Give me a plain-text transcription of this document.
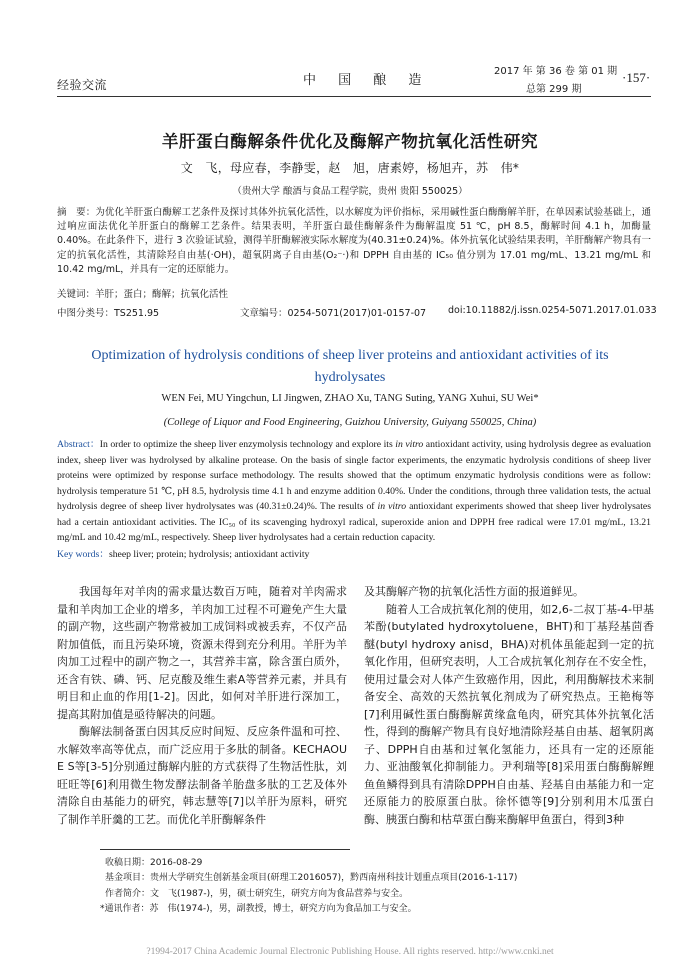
经验交流	中 国 酿 造
2017 年 第 36 卷 第 01 期
总第 299 期
·157·
羊肝蛋白酶解条件优化及酶解产物抗氧化活性研究
文　飞，母应春，李静雯，赵　旭，唐素婷，杨旭卉，苏　伟*
（贵州大学 酿酒与食品工程学院，贵州 贵阳 550025）
摘　要：为优化羊肝蛋白酶解工艺条件及探讨其体外抗氧化活性，以水解度为评价指标，采用碱性蛋白酶酶解羊肝，在单因素试验基础上，通过响应面法优化羊肝蛋白的酶解工艺条件。结果表明，羊肝蛋白最佳酶解条件为酶解温度 51 ℃，pH 8.5，酶解时间 4.1 h，加酶量 0.40%。在此条件下，进行 3 次验证试验，测得羊肝酶解液实际水解度为(40.31±0.24)%。体外抗氧化试验结果表明，羊肝酶解产物具有一定的抗氧化活性，其清除羟自由基(·OH)，超氧阴离子自由基(O₂⁻·)和 DPPH 自由基的 IC₅₀ 值分别为 17.01 mg/mL、13.21 mg/mL 和 10.42 mg/mL，并具有一定的还原能力。
关键词：羊肝；蛋白；酶解；抗氧化活性
中图分类号：TS251.95	文章编号：0254-5071(2017)01-0157-07 doi:10.11882/j.issn.0254-5071.2017.01.033
Optimization of hydrolysis conditions of sheep liver proteins and antioxidant activities of its hydrolysates
WEN Fei, MU Yingchun, LI Jingwen, ZHAO Xu, TANG Suting, YANG Xuhui, SU Wei*
(College of Liquor and Food Engineering, Guizhou University, Guiyang 550025, China)
Abstract：In order to optimize the sheep liver enzymolysis technology and explore its in vitro antioxidant activity, using hydrolysis degree as evaluation index, sheep liver was hydrolysed by alkaline protease. On the basis of single factor experiments, the enzymatic hydrolysis conditions of sheep liver proteins were optimized by response surface methodology. The results showed that the optimum enzymatic hydrolysis conditions were as follow: hydrolysis temperature 51 ℃, pH 8.5, hydrolysis time 4.1 h and enzyme addition 0.40%. Under the conditions, through three validation tests, the actual hydrolysis degree of sheep liver hydrolysates was (40.31±0.24)%. The results of in vitro antioxidant experiments showed that sheep liver hydrolysates had a certain antioxidant activities. The IC₅₀ of its scavenging hydroxyl radical, superoxide anion and DPPH free radical were 17.01 mg/mL, 13.21 mg/mL and 10.42 mg/mL, respectively. Sheep liver hydrolysates had a certain reduction capacity.
Key words：sheep liver; protein; hydrolysis; antioxidant activity

我国每年对羊肉的需求量达数百万吨，随着对羊肉需求量和羊肉加工企业的增多，羊肉加工过程不可避免产生大量的副产物，这些副产物常被加工成饲料或被丢弃，不仅产品附加值低，而且污染环境，资源未得到充分利用。羊肝为羊肉加工过程中的副产物之一，其营养丰富，除含蛋白质外，还含有铁、磷、钙、尼克酸及维生素A等营养元素，并具有明目和止血的作用[1-2]。因此，如何对羊肝进行深加工，提高其附加值是亟待解决的问题。

酶解法制备蛋白因其反应时间短、反应条件温和可控、水解效率高等优点，而广泛应用于多肽的制备。KECHAOU E S等[3-5]分别通过酶解内脏的方式获得了生物活性肽，刘旺旺等[6]利用微生物发酵法制备羊胎盘多肽的工艺及体外清除自由基能力的研究，韩志慧等[7]以羊肝为原料，研究了制作羊肝羹的工艺。而优化羊肝酶解条件

及其酶解产物的抗氧化活性方面的报道鲜见。

随着人工合成抗氧化剂的使用，如2,6-二叔丁基-4-甲基苯酚(butylated hydroxytoluene，BHT)和丁基羟基茴香醚(butyl hydroxy anisd，BHA)对机体虽能起到一定的抗氧化作用，但研究表明，人工合成抗氧化剂存在不安全性，使用过量会对人体产生致癌作用，因此，利用酶解技术来制备安全、高效的天然抗氧化剂成为了研究热点。王艳梅等[7]利用碱性蛋白酶酶解黄缘盒龟肉，研究其体外抗氧化活性，得到的酶解产物具有良好地清除羟基自由基、超氧阴离子、DPPH自由基和过氧化氢能力，还具有一定的还原能力、亚油酸氧化抑制能力。尹利瑞等[8]采用蛋白酶酶解鲤鱼鱼鳞得到具有清除DPPH自由基、羟基自由基能力和一定还原能力的胶原蛋白肽。徐怀德等[9]分别利用木瓜蛋白酶、胰蛋白酶和枯草蛋白酶来酶解甲鱼蛋白，得到3种

收稿日期：2016-08-29
基金项目：贵州大学研究生创新基金项目(研理工2016057)，黔西南州科技计划重点项目(2016-1-117)
作者简介：文　飞(1987-)，男，硕士研究生，研究方向为食品营养与安全。
*通讯作者：苏　伟(1974-)，男，副教授，博士，研究方向为食品加工与安全。
?1994-2017 China Academic Journal Electronic Publishing House. All rights reserved. http://www.cnki.net
